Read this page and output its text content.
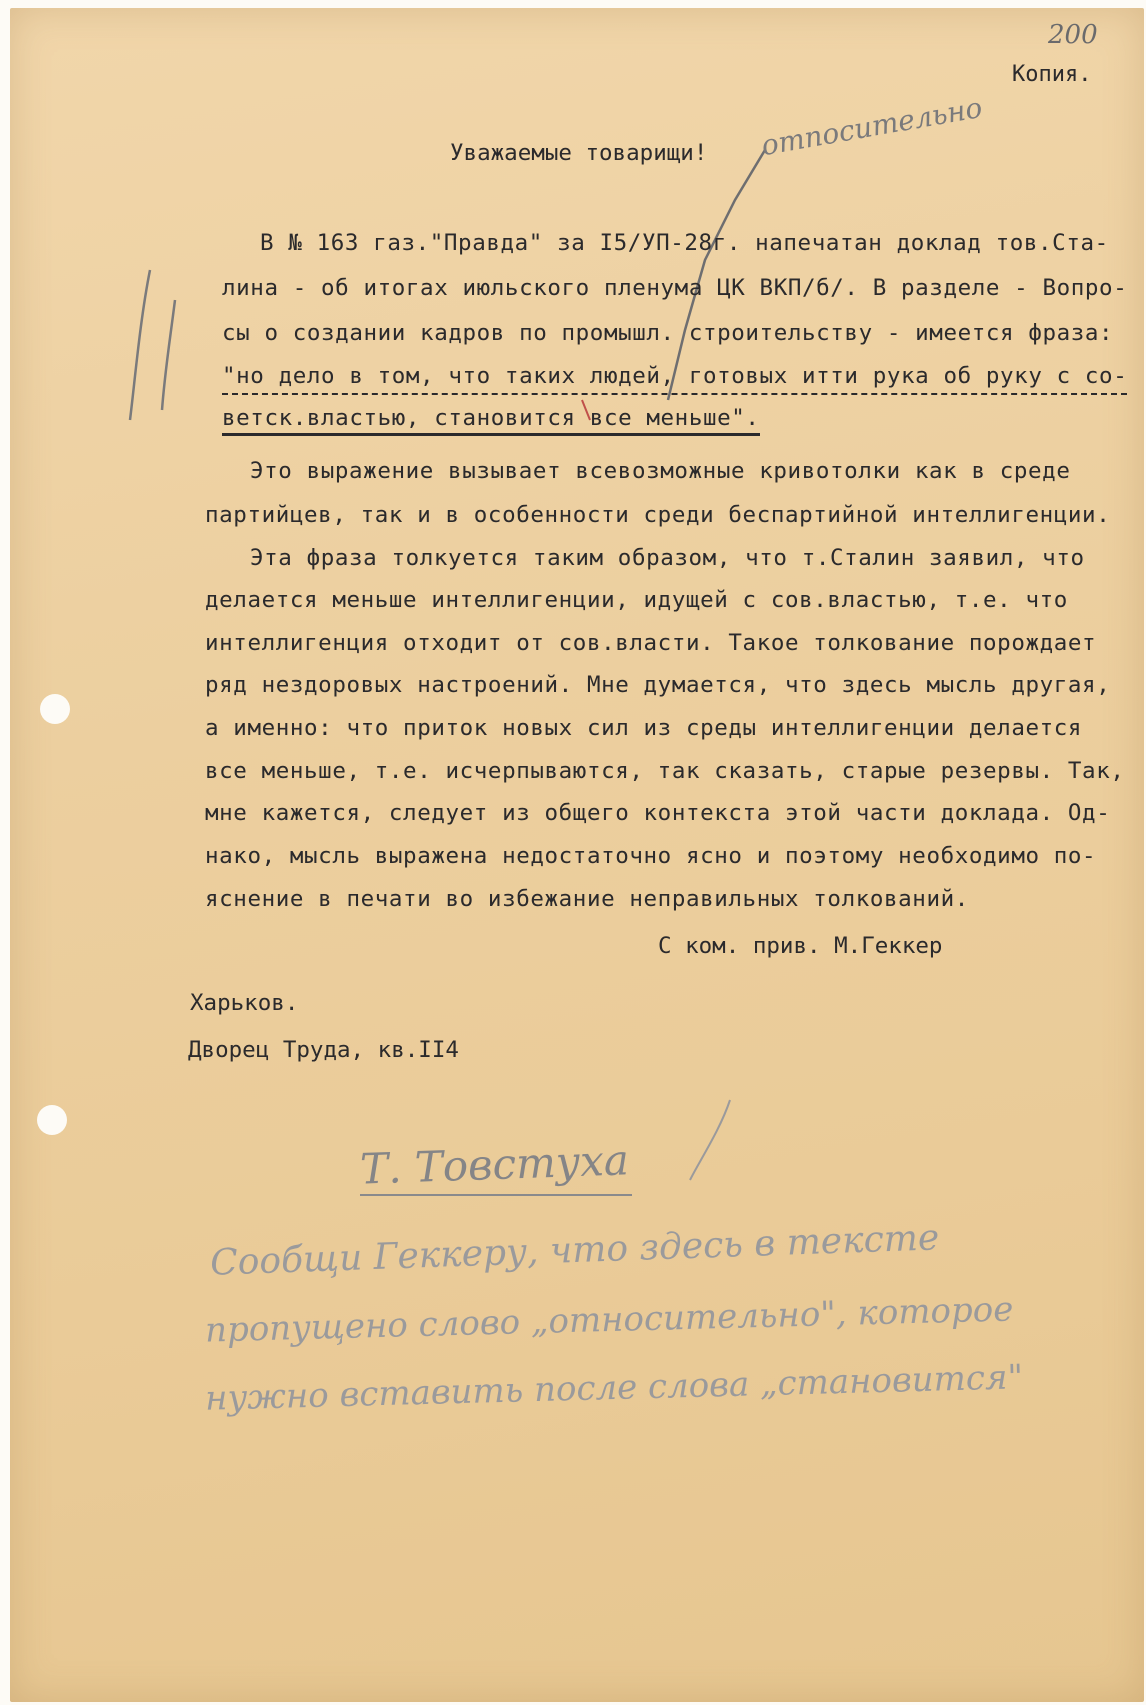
200
Копия.
Уважаемые товарищи! отпосительно
В № 163 газ."Правда" за I5/УП-28г. напечатан доклад тов.Ста-
лина - об итогах июльского пленума ЦК ВКП/б/. В разделе - Вопро-
сы о создании кадров по промышл. строительству - имеется фраза:
"но дело в том, что таких людей, готовых итти рука об руку с со-
ветск.властью, становится все меньше".
Это выражение вызывает всевозможные кривотолки как в среде
партийцев, так и в особенности среди беспартийной интеллигенции.
Эта фраза толкуется таким образом, что т.Сталин заявил, что
делается меньше интеллигенции, идущей с сов.властью, т.е. что
интеллигенция отходит от сов.власти. Такое толкование порождает
ряд нездоровых настроений. Мне думается, что здесь мысль другая,
а именно: что приток новых сил из среды интеллигенции делается
все меньше, т.е. исчерпываются, так сказать, старые резервы. Так,
мне кажется, следует из общего контекста этой части доклада. Од-
нако, мысль выражена недостаточно ясно и поэтому необходимо по-
яснение в печати во избежание неправильных толкований.
С ком. прив. М.Геккер
Харьков.
Дворец Труда, кв.II4
Т. Товстуха
Сообщи Геккеру, что здесь в тексте
пропущено слово „относительно", которое
нужно вставить после слова „становится"
